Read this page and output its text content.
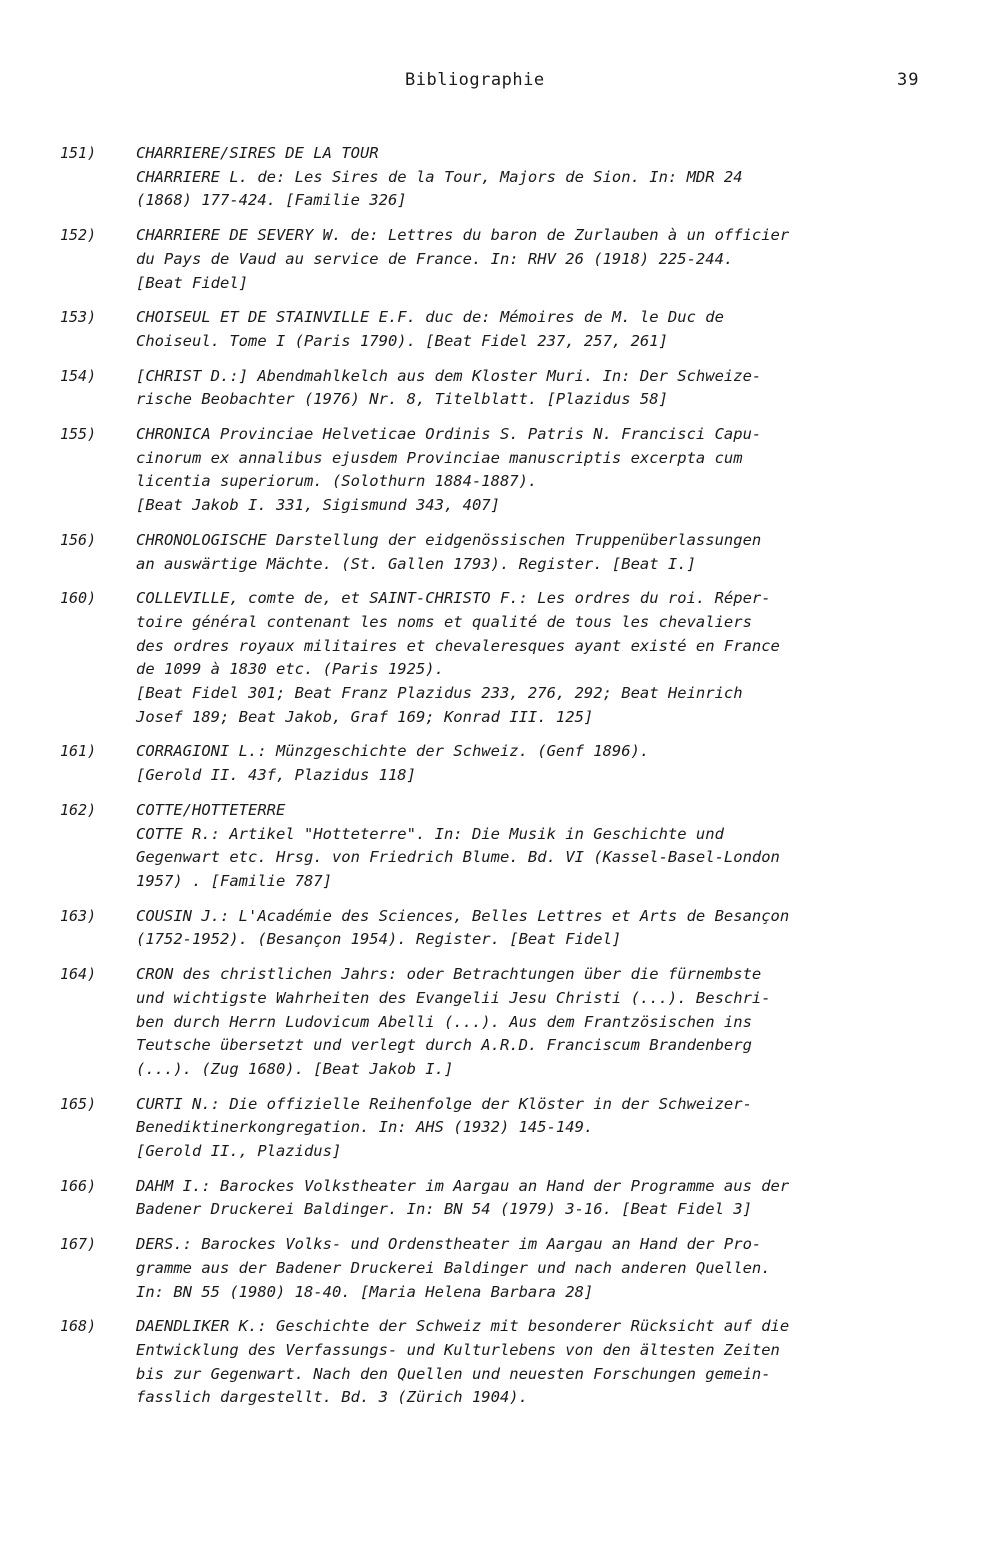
Bibliographie	39
151)	CHARRIERE/SIRES DE LA TOUR
CHARRIERE L. de: Les Sires de la Tour, Majors de Sion. In: MDR 24
(1868) 177-424. [Familie 326]
152)	CHARRIERE DE SEVERY W. de: Lettres du baron de Zurlauben à un officier
du Pays de Vaud au service de France. In: RHV 26 (1918) 225-244.
[Beat Fidel]
153)	CHOISEUL ET DE STAINVILLE E.F. duc de: Mémoires de M. le Duc de
Choiseul. Tome I (Paris 1790). [Beat Fidel 237, 257, 261]
154)	[CHRIST D.:] Abendmahlkelch aus dem Kloster Muri. In: Der Schweize-
rische Beobachter (1976) Nr. 8, Titelblatt. [Plazidus 58]
155)	CHRONICA Provinciae Helveticae Ordinis S. Patris N. Francisci Capu-
cinorum ex annalibus ejusdem Provinciae manuscriptis excerpta cum
licentia superiorum. (Solothurn 1884-1887).
[Beat Jakob I. 331, Sigismund 343, 407]
156)	CHRONOLOGISCHE Darstellung der eidgenössischen Truppenüberlassungen
an auswärtige Mächte. (St. Gallen 1793). Register. [Beat I.]
160)	COLLEVILLE, comte de, et SAINT-CHRISTO F.: Les ordres du roi. Réper-
toire général contenant les noms et qualité de tous les chevaliers
des ordres royaux militaires et chevaleresques ayant existé en France
de 1099 à 1830 etc. (Paris 1925).
[Beat Fidel 301; Beat Franz Plazidus 233, 276, 292; Beat Heinrich
Josef 189; Beat Jakob, Graf 169; Konrad III. 125]
161)	CORRAGIONI L.: Münzgeschichte der Schweiz. (Genf 1896).
[Gerold II. 43f, Plazidus 118]
162)	COTTE/HOTTETERRE
COTTE R.: Artikel "Hotteterre". In: Die Musik in Geschichte und
Gegenwart etc. Hrsg. von Friedrich Blume. Bd. VI (Kassel-Basel-London
1957) . [Familie 787]
163)	COUSIN J.: L'Académie des Sciences, Belles Lettres et Arts de Besançon
(1752-1952). (Besançon 1954). Register. [Beat Fidel]
164)	CRON des christlichen Jahrs: oder Betrachtungen über die fürnembste
und wichtigste Wahrheiten des Evangelii Jesu Christi (...). Beschri-
ben durch Herrn Ludovicum Abelli (...). Aus dem Frantzösischen ins
Teutsche übersetzt und verlegt durch A.R.D. Franciscum Brandenberg
(...). (Zug 1680). [Beat Jakob I.]
165)	CURTI N.: Die offizielle Reihenfolge der Klöster in der Schweizer-
Benediktinerkongregation. In: AHS (1932) 145-149.
[Gerold II., Plazidus]
166)	DAHM I.: Barockes Volkstheater im Aargau an Hand der Programme aus der
Badener Druckerei Baldinger. In: BN 54 (1979) 3-16. [Beat Fidel 3]
167)	DERS.: Barockes Volks- und Ordenstheater im Aargau an Hand der Pro-
gramme aus der Badener Druckerei Baldinger und nach anderen Quellen.
In: BN 55 (1980) 18-40. [Maria Helena Barbara 28]
168)	DAENDLIKER K.: Geschichte der Schweiz mit besonderer Rücksicht auf die
Entwicklung des Verfassungs- und Kulturlebens von den ältesten Zeiten
bis zur Gegenwart. Nach den Quellen und neuesten Forschungen gemein-
fasslich dargestellt. Bd. 3 (Zürich 1904).
